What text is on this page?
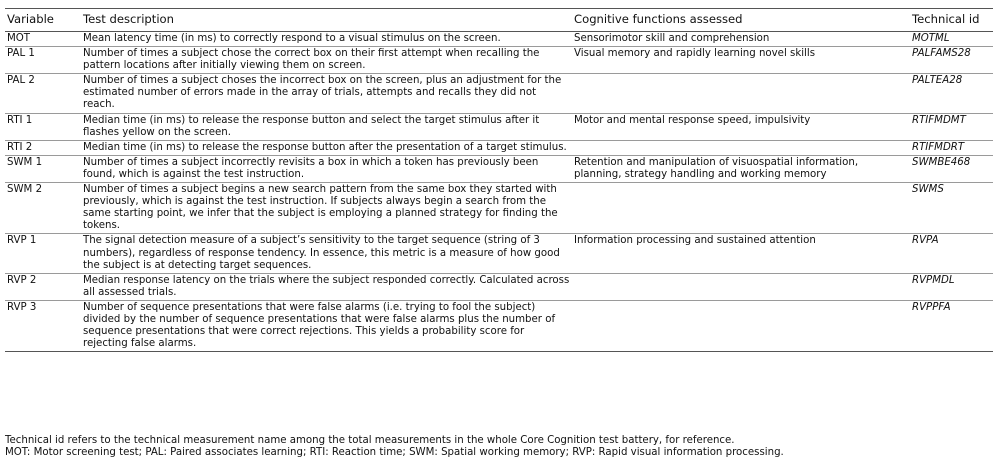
Variable	Test description	Cognitive functions assessed	Technical id
MOT	Mean latency time (in ms) to correctly respond to a visual stimulus on the screen.	Sensorimotor skill and comprehension	MOTML
PAL 1	Number of times a subject chose the correct box on their first attempt when recalling the pattern locations after initially viewing them on screen.	Visual memory and rapidly learning novel skills	PALFAMS28
PAL 2	Number of times a subject choses the incorrect box on the screen, plus an adjustment for the estimated number of errors made in the array of trials, attempts and recalls they did not reach.		PALTEA28
RTI 1	Median time (in ms) to release the response button and select the target stimulus after it flashes yellow on the screen.	Motor and mental response speed, impulsivity	RTIFMDMT
RTI 2	Median time (in ms) to release the response button after the presentation of a target stimulus.		RTIFMDRT
SWM 1	Number of times a subject incorrectly revisits a box in which a token has previously been found, which is against the test instruction.	Retention and manipulation of visuospatial information, planning, strategy handling and working memory	SWMBE468
SWM 2	Number of times a subject begins a new search pattern from the same box they started with previously, which is against the test instruction. If subjects always begin a search from the same starting point, we infer that the subject is employing a planned strategy for finding the tokens.		SWMS
RVP 1	The signal detection measure of a subject’s sensitivity to the target sequence (string of 3 numbers), regardless of response tendency. In essence, this metric is a measure of how good the subject is at detecting target sequences.	Information processing and sustained attention	RVPA
RVP 2	Median response latency on the trials where the subject responded correctly. Calculated across all assessed trials.		RVPMDL
RVP 3	Number of sequence presentations that were false alarms (i.e. trying to fool the subject) divided by the number of sequence presentations that were false alarms plus the number of sequence presentations that were correct rejections. This yields a probability score for rejecting false alarms.		RVPPFA

Technical id refers to the technical measurement name among the total measurements in the whole Core Cognition test battery, for reference.

MOT: Motor screening test; PAL: Paired associates learning; RTI: Reaction time; SWM: Spatial working memory; RVP: Rapid visual information processing.
